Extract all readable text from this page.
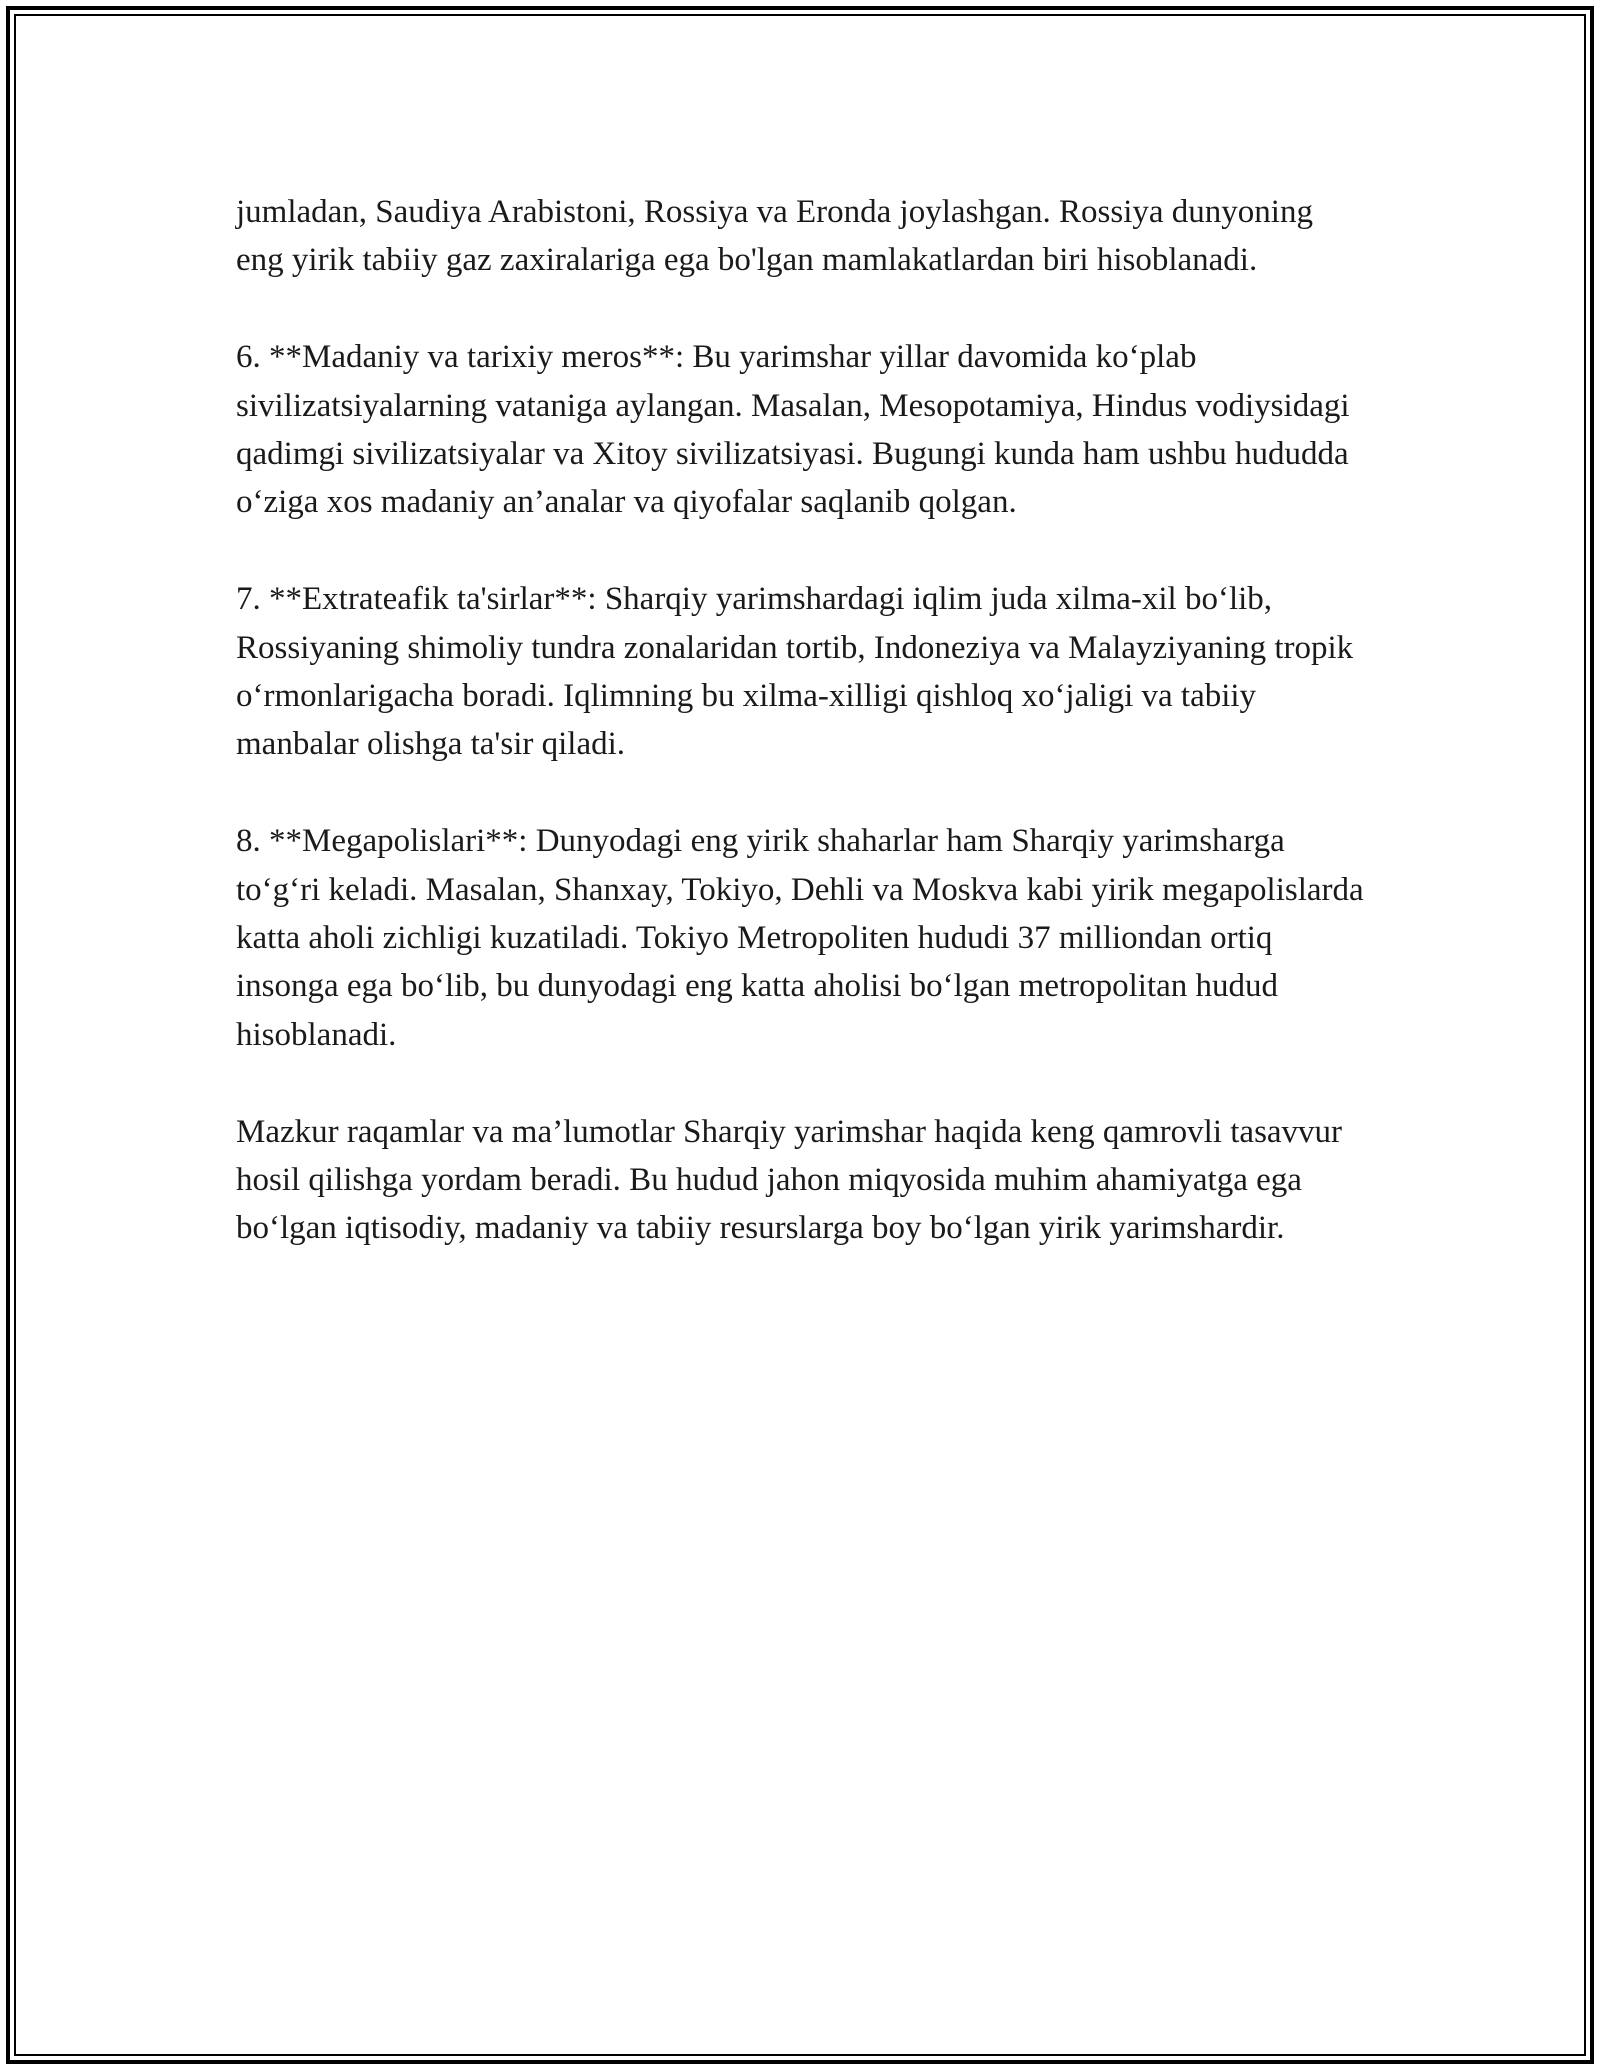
jumladan, Saudiya Arabistoni, Rossiya va Eronda joylashgan. Rossiya dunyoning eng yirik tabiiy gaz zaxiralariga ega bo'lgan mamlakatlardan biri hisoblanadi.

6. **Madaniy va tarixiy meros**: Bu yarimshar yillar davomida ko‘plab sivilizatsiyalarning vataniga aylangan. Masalan, Mesopotamiya, Hindus vodiysidagi qadimgi sivilizatsiyalar va Xitoy sivilizatsiyasi. Bugungi kunda ham ushbu hududda o‘ziga xos madaniy an’analar va qiyofalar saqlanib qolgan.

7. **Extrateafik ta'sirlar**: Sharqiy yarimshardagi iqlim juda xilma-xil bo‘lib, Rossiyaning shimoliy tundra zonalaridan tortib, Indoneziya va Malayziyaning tropik o‘rmonlarigacha boradi. Iqlimning bu xilma-xilligi qishloq xo‘jaligi va tabiiy manbalar olishga ta'sir qiladi.

8. **Megapolislari**: Dunyodagi eng yirik shaharlar ham Sharqiy yarimsharga to‘g‘ri keladi. Masalan, Shanxay, Tokiyo, Dehli va Moskva kabi yirik megapolislarda katta aholi zichligi kuzatiladi. Tokiyo Metropoliten hududi 37 milliondan ortiq insonga ega bo‘lib, bu dunyodagi eng katta aholisi bo‘lgan metropolitan hudud hisoblanadi.

Mazkur raqamlar va ma’lumotlar Sharqiy yarimshar haqida keng qamrovli tasavvur hosil qilishga yordam beradi. Bu hudud jahon miqyosida muhim ahamiyatga ega bo‘lgan iqtisodiy, madaniy va tabiiy resurslarga boy bo‘lgan yirik yarimshardir.
